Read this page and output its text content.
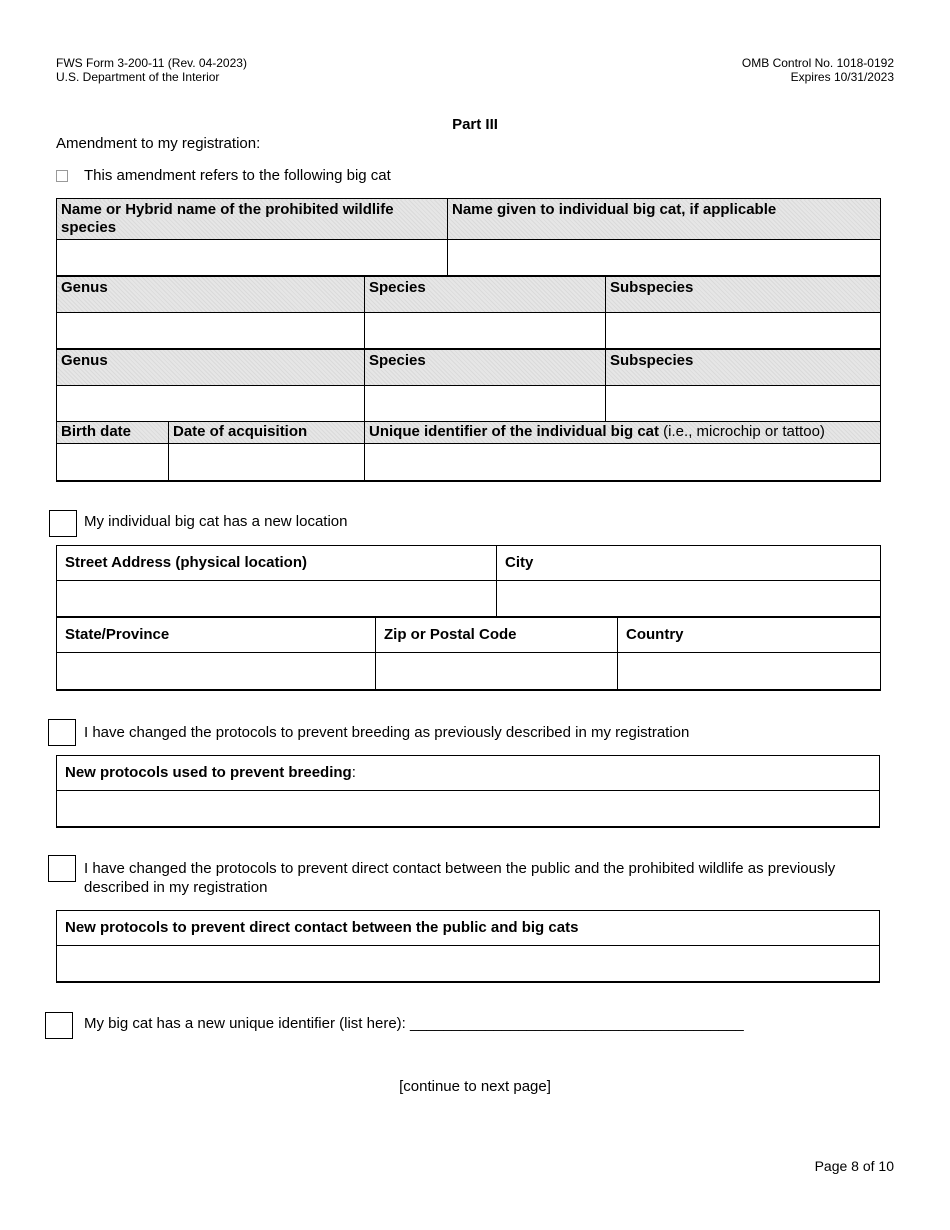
FWS Form 3-200-11 (Rev. 04-2023)
U.S. Department of the Interior
OMB Control No. 1018-0192
Expires 10/31/2023
Part III
Amendment to my registration:
This amendment refers to the following big cat
Name or Hybrid name of the prohibited wildlife species			Name given to individual big cat, if applicable	

Genus		Species		Subspecies

Genus		Species		Subspecies

Birth date	Date of acquisition	Unique identifier of the individual big cat (i.e., microchip or tattoo)		

My individual big cat has a new location
Street Address (physical location)		City	

State/Province	Zip or Postal Code		Country

I have changed the protocols to prevent breeding as previously described in my registration
New protocols used to prevent breeding:

I have changed the protocols to prevent direct contact between the public and the prohibited wildlife as previously
described in my registration
New protocols to prevent direct contact between the public and big cats

My big cat has a new unique identifier (list here): ________________________________________
[continue to next page]
Page 8 of 10
